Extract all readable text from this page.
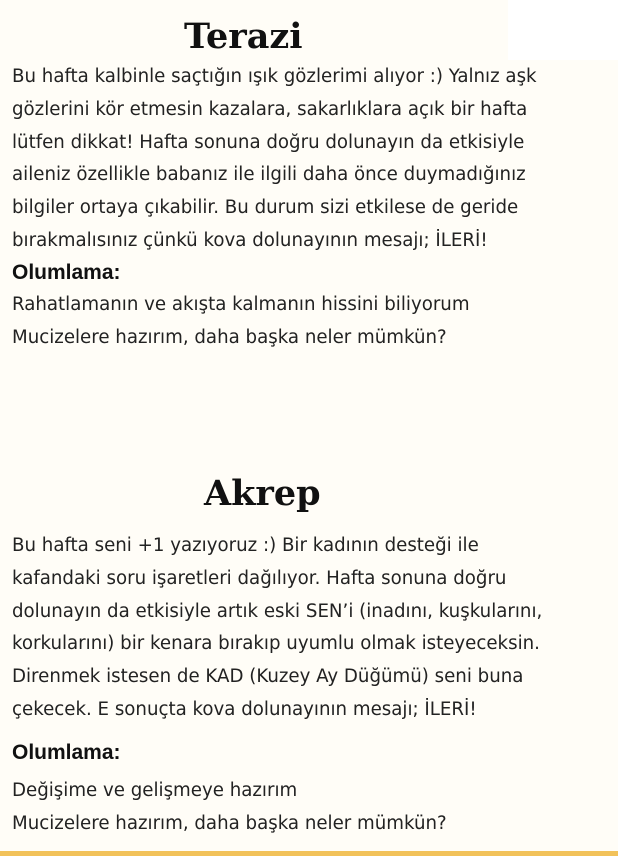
Terazi

Bu hafta kalbinle saçtığın ışık gözlerimi alıyor :) Yalnız aşk

gözlerini kör etmesin kazalara, sakarlıklara açık bir hafta

lütfen dikkat! Hafta sonuna doğru dolunayın da etkisiyle

aileniz özellikle babanız ile ilgili daha önce duymadığınız

bilgiler ortaya çıkabilir. Bu durum sizi etkilese de geride

bırakmalısınız çünkü kova dolunayının mesajı; İLERİ!

Olumlama:

Rahatlamanın ve akışta kalmanın hissini biliyorum

Mucizelere hazırım, daha başka neler mümkün?

Akrep

Bu hafta seni +1 yazıyoruz :) Bir kadının desteği ile

kafandaki soru işaretleri dağılıyor. Hafta sonuna doğru

dolunayın da etkisiyle artık eski SEN’i (inadını, kuşkularını,

korkularını) bir kenara bırakıp uyumlu olmak isteyeceksin.

Direnmek istesen de KAD (Kuzey Ay Düğümü) seni buna

çekecek. E sonuçta kova dolunayının mesajı; İLERİ!

Olumlama:

Değişime ve gelişmeye hazırım

Mucizelere hazırım, daha başka neler mümkün?
